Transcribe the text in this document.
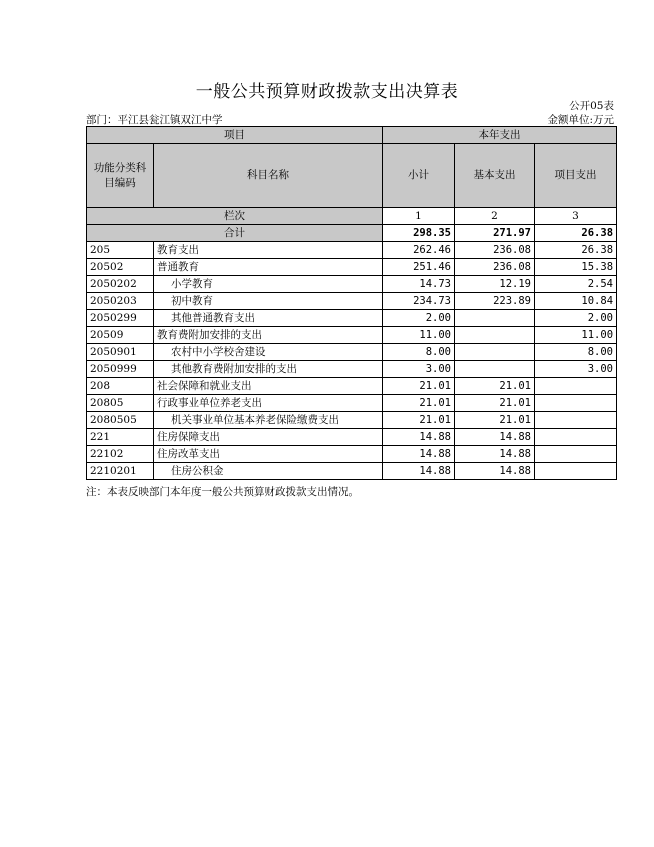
一般公共预算财政拨款支出决算表
公开05表
部门：平江县瓮江镇双江中学	金额单位:万元
项目		本年支出		
功能分类科目编码	科目名称	小计	基本支出	项目支出
栏次		1	2	3
合计		298.35	271.97	26.38
205	教育支出	262.46	236.08	26.38
20502	普通教育	251.46	236.08	15.38
2050202	小学教育	14.73	12.19	2.54
2050203	初中教育	234.73	223.89	10.84
2050299	其他普通教育支出	2.00		2.00
20509	教育费附加安排的支出	11.00		11.00
2050901	农村中小学校舍建设	8.00		8.00
2050999	其他教育费附加安排的支出	3.00		3.00
208	社会保障和就业支出	21.01	21.01	
20805	行政事业单位养老支出	21.01	21.01	
2080505	机关事业单位基本养老保险缴费支出	21.01	21.01	
221	住房保障支出	14.88	14.88	
22102	住房改革支出	14.88	14.88	
2210201	住房公积金	14.88	14.88	
注：本表反映部门本年度一般公共预算财政拨款支出情况。
